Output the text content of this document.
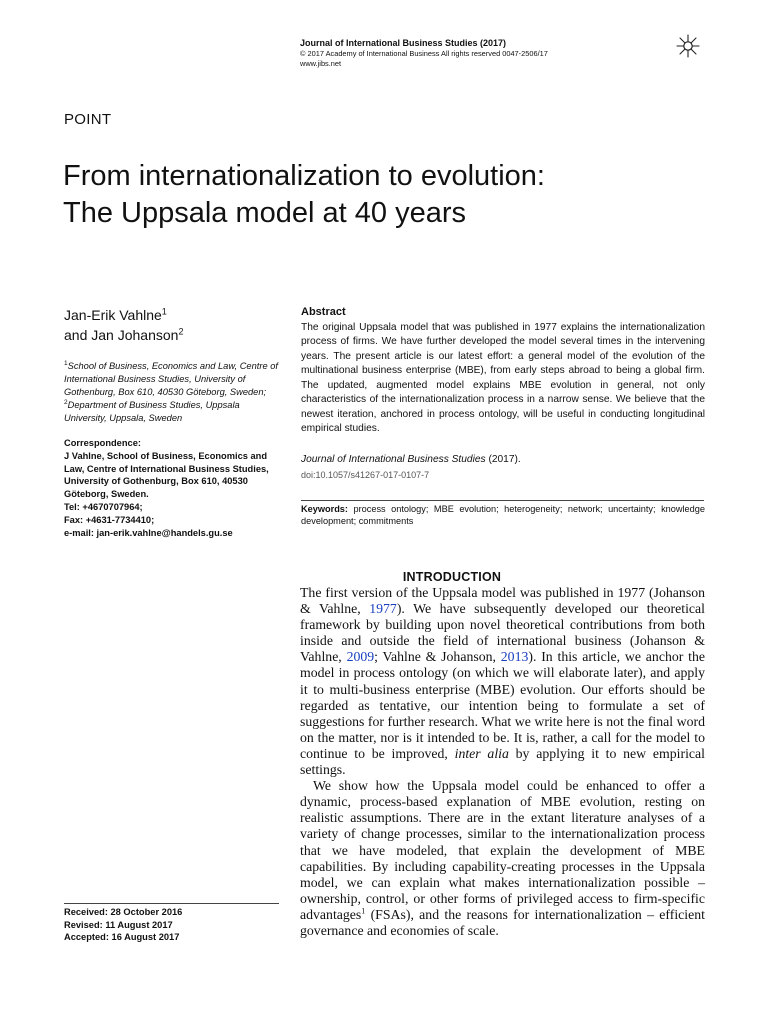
Journal of International Business Studies (2017)
© 2017 Academy of International Business All rights reserved 0047-2506/17
www.jibs.net
POINT
From internationalization to evolution:
The Uppsala model at 40 years
Jan-Erik Vahlne$^1$
and Jan Johanson$^2$
$^1$School of Business, Economics and Law, Centre of International Business Studies, University of Gothenburg, Box 610, 40530 Göteborg, Sweden; $^2$Department of Business Studies, Uppsala University, Uppsala, Sweden
Correspondence:
J Vahlne, School of Business, Economics and Law, Centre of International Business Studies, University of Gothenburg, Box 610, 40530 Göteborg, Sweden.
Tel: +4670707964;
Fax: +4631-7734410;
e-mail: jan-erik.vahlne@handels.gu.se
Abstract
The original Uppsala model that was published in 1977 explains the internationalization process of firms. We have further developed the model several times in the intervening years. The present article is our latest effort: a general model of the evolution of the multinational business enterprise (MBE), from early steps abroad to being a global firm. The updated, augmented model explains MBE evolution in general, not only characteristics of the internationalization process in a narrow sense. We believe that the newest iteration, anchored in process ontology, will be useful in conducting longitudinal empirical studies.
Journal of International Business Studies (2017).
doi:10.1057/s41267-017-0107-7
Keywords: process ontology; MBE evolution; heterogeneity; network; uncertainty; knowledge development; commitments
INTRODUCTION

The first version of the Uppsala model was published in 1977 (Johanson & Vahlne, 1977). We have subsequently developed our theoretical framework by building upon novel theoretical contributions from both inside and outside the field of international business (Johanson & Vahlne, 2009; Vahlne & Johanson, 2013). In this article, we anchor the model in process ontology (on which we will elaborate later), and apply it to multi-business enterprise (MBE) evolution. Our efforts should be regarded as tentative, our intention being to formulate a set of suggestions for further research. What we write here is not the final word on the matter, nor is it intended to be. It is, rather, a call for the model to continue to be improved, inter alia by applying it to new empirical settings.

We show how the Uppsala model could be enhanced to offer a dynamic, process-based explanation of MBE evolution, resting on realistic assumptions. There are in the extant literature analyses of a variety of change processes, similar to the internationalization process that we have modeled, that explain the development of MBE capabilities. By including capability-creating processes in the Uppsala model, we can explain what makes internationalization possible – ownership, control, or other forms of privileged access to firm-specific advantages$^1$ (FSAs), and the reasons for internationalization – efficient governance and economies of scale.

Received: 28 October 2016
Revised: 11 August 2017
Accepted: 16 August 2017
